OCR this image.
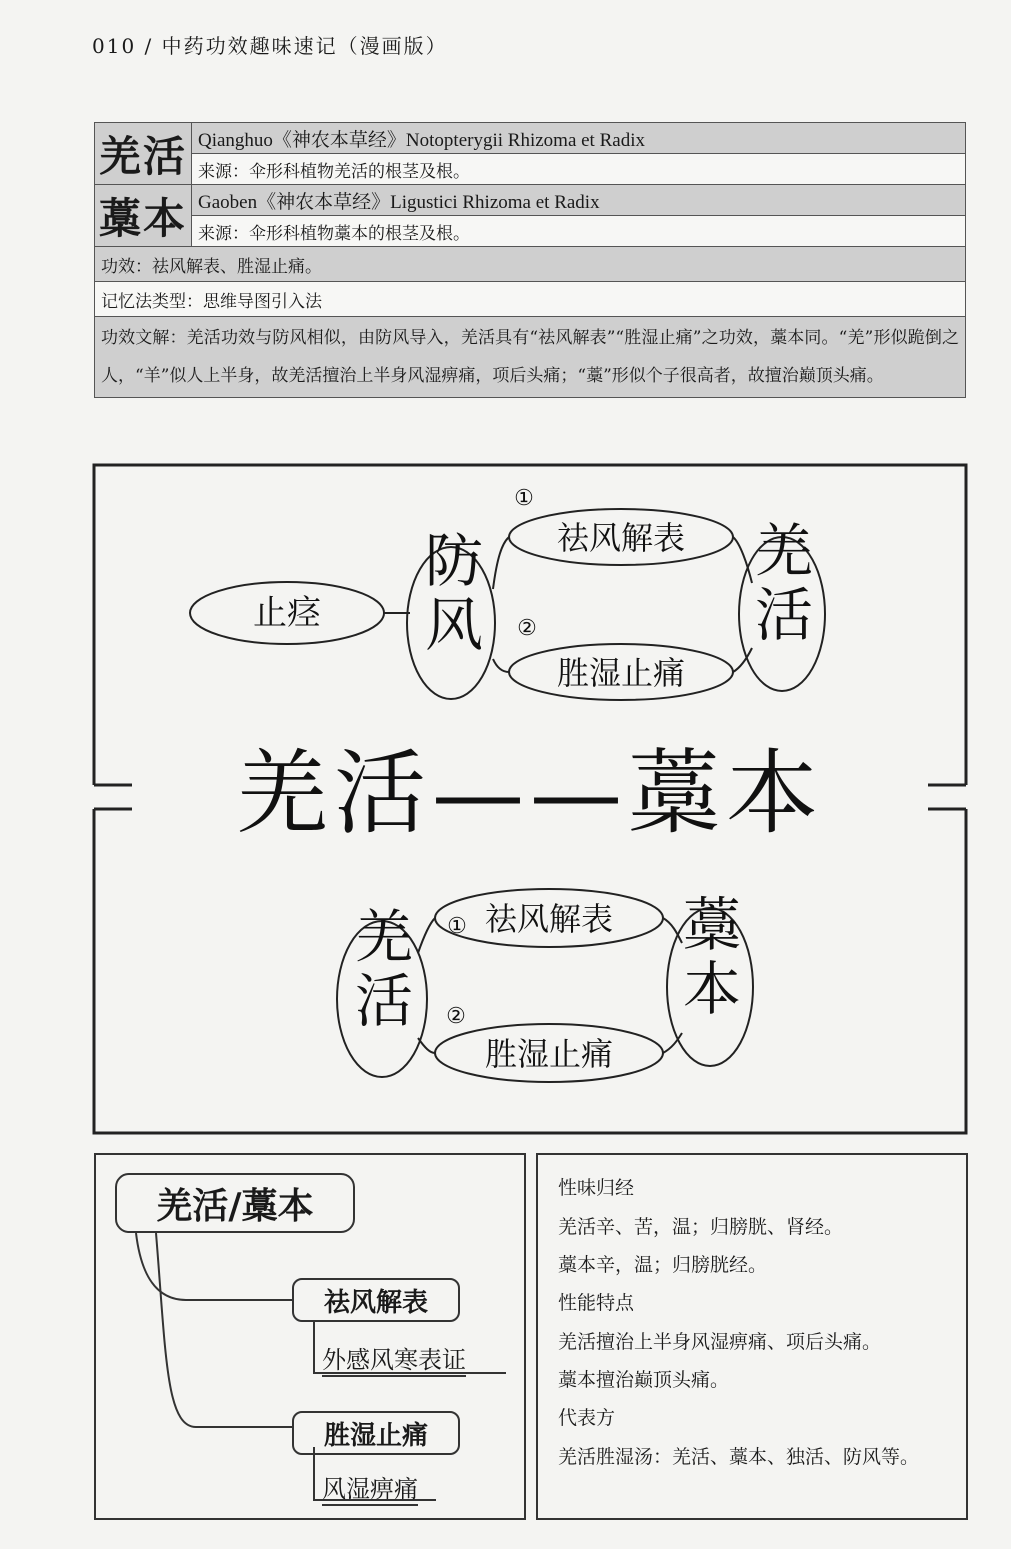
010 / 中药功效趣味速记（漫画版）
羌活	Qianghuo《神农本草经》Notopterygii Rhizoma et Radix
	来源：伞形科植物羌活的根茎及根。
藁本	Gaoben《神农本草经》Ligustici Rhizoma et Radix
	来源：伞形科植物藁本的根茎及根。
功效：祛风解表、胜湿止痛。	
记忆法类型：思维导图引入法	
功效文解：羌活功效与防风相似，由防风导入，羌活具有“祛风解表”“胜湿止痛”之功效，藁本同。“羌”形似跪倒之人，“羊”似人上半身，故羌活擅治上半身风湿痹痛，项后头痛；“藁”形似个子很高者，故擅治巅顶头痛。	
止痉
①
祛风解表
②
胜湿止痛
① 祛风解表
②
胜湿止痛
防风
羌活
羌活
藁本
羌活——藁本
羌活/藁本
祛风解表
外感风寒表证
胜湿止痛
风湿痹痛
性味归经
羌活辛、苦，温；归膀胱、肾经。
藁本辛，温；归膀胱经。
性能特点
羌活擅治上半身风湿痹痛、项后头痛。
藁本擅治巅顶头痛。
代表方
羌活胜湿汤：羌活、藁本、独活、防风等。
